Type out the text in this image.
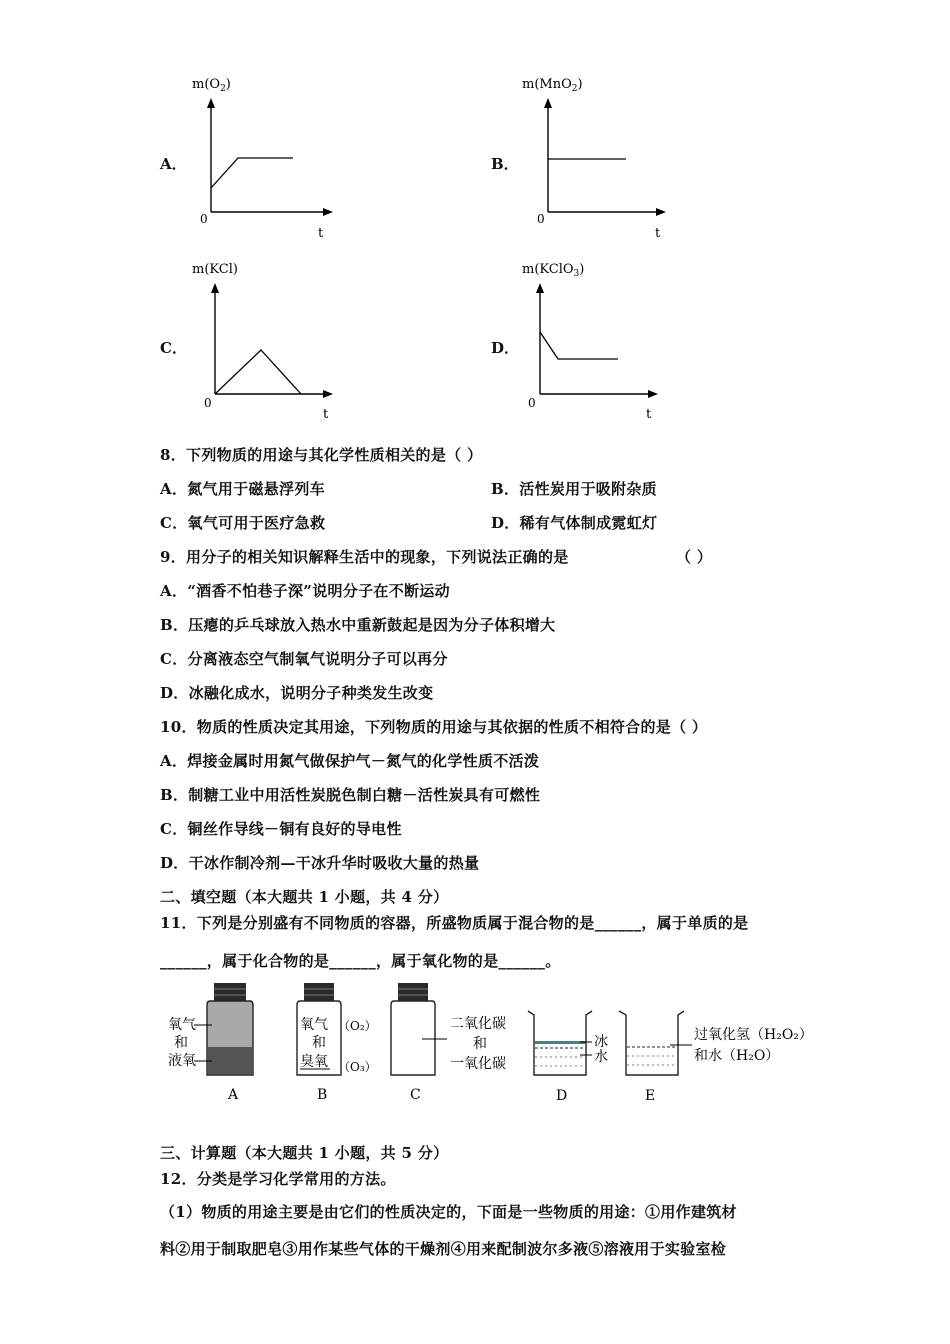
A．
$m(O_2)$
0
t
B．
m(MnO$_2$)
0
t
C．
m(KCl)
0
t
D．
m(KClO$_3$)
0
t
8．下列物质的用途与其化学性质相关的是（ ）
A．氮气用于磁悬浮列车	B．活性炭用于吸附杂质
C．氧气可用于医疗急救	D．稀有气体制成霓虹灯
9．用分子的相关知识解释生活中的现象，下列说法正确的是	（ ）
A．“酒香不怕巷子深”说明分子在不断运动
B．压瘪的乒乓球放入热水中重新鼓起是因为分子体积增大
C．分离液态空气制氧气说明分子可以再分
D．冰融化成水，说明分子种类发生改变
10．物质的性质决定其用途，下列物质的用途与其依据的性质不相符合的是（ ）
A．焊接金属时用氮气做保护气－氮气的化学性质不活泼
B．制糖工业中用活性炭脱色制白糖－活性炭具有可燃性
C．铜丝作导线－铜有良好的导电性
D．干冰作制冷剂—干冰升华时吸收大量的热量
二、填空题（本大题共 1 小题，共 4 分）
11．下列是分别盛有不同物质的容器，所盛物质属于混合物的是______，属于单质的是
______，属于化合物的是______，属于氧化物的是______。
氧气
和
液氧
A
氧气
和
臭氧
（O₂）
（O₃）
B
二氧化碳
和
一氧化碳
C
冰
水
D
过氧化氢（H₂O₂）
和水（H₂O）
E
三、计算题（本大题共 1 小题，共 5 分）
12．分类是学习化学常用的方法。
（1）物质的用途主要是由它们的性质决定的，下面是一些物质的用途：①用作建筑材
料②用于制取肥皂③用作某些气体的干燥剂④用来配制波尔多液⑤溶液用于实验室检
